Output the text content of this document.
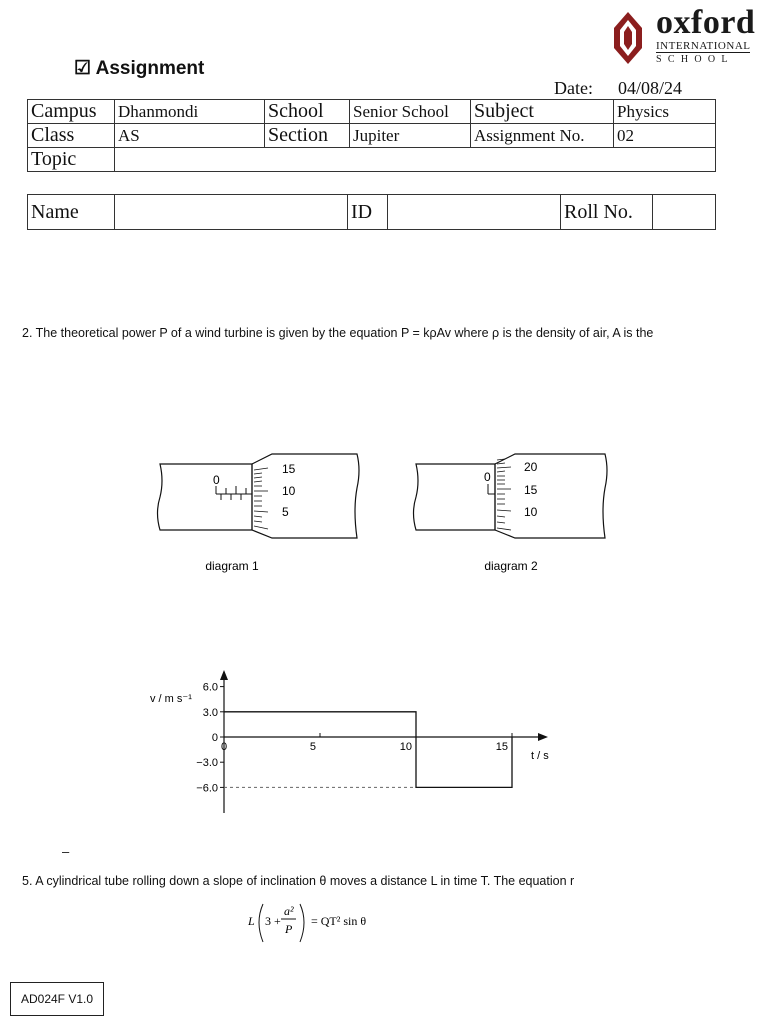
oxford
INTERNATIONAL
SCHOOL
☑ Assignment
Date: 04/08/24
Campus	Dhanmondi	School	Senior School	Subject	Physics
Class	AS	Section	Jupiter	Assignment No.	02
Topic					
Name		ID		Roll No.	
2. The theoretical power P of a wind turbine is given by the equation P = kρAv where ρ is the density of air, A is the
0
15
10
5
diagram 1
0
20
15
10
diagram 2
v / m s⁻¹
t / s
6.0
3.0
0
−3.0
−6.0
0	5	10	15
–
5. A cylindrical tube rolling down a slope of inclination θ moves a distance L in time T. The equation r
L 3 +
a²
P
= QT² sin θ
AD024F V1.0
